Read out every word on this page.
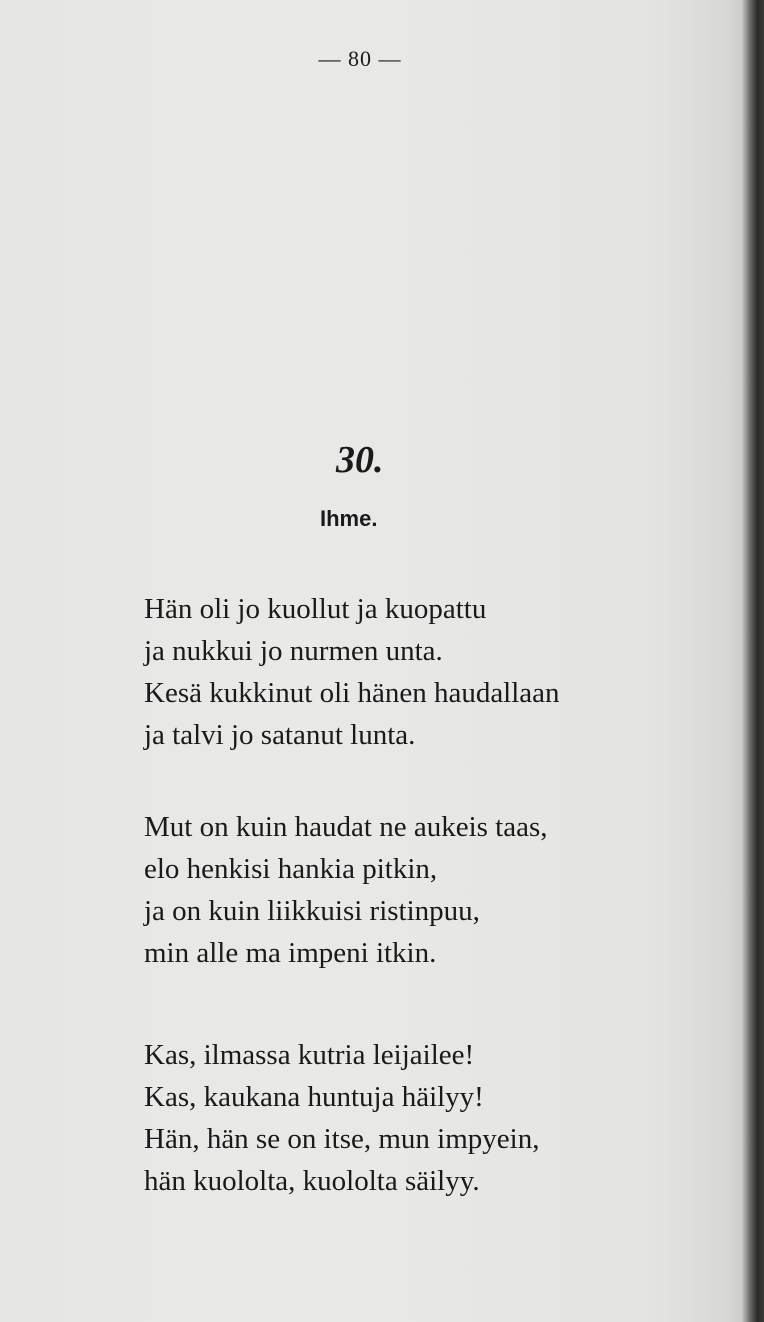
— 80 —
30.
Ihme.
Hän oli jo kuollut ja kuopattu
ja nukkui jo nurmen unta.
Kesä kukkinut oli hänen haudallaan
ja talvi jo satanut lunta.
Mut on kuin haudat ne aukeis taas,
elo henkisi hankia pitkin,
ja on kuin liikkuisi ristinpuu,
min alle ma impeni itkin.
Kas, ilmassa kutria leijailee!
Kas, kaukana huntuja häilyy!
Hän, hän se on itse, mun impyein,
hän kuololta, kuololta säilyy.
